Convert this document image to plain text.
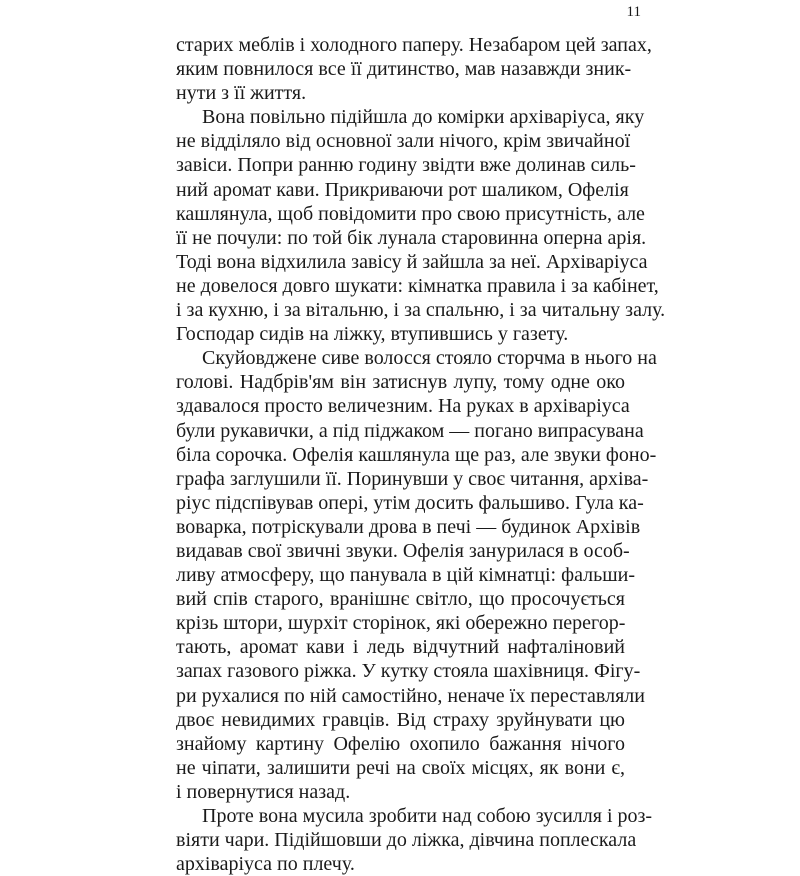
11
старих меблів і холодного паперу. Незабаром цей запах,
яким повнилося все її дитинство, мав назавжди зник-
нути з її життя.
Вона повільно підійшла до комірки архіваріуса, яку
не відділяло від основної зали нічого, крім звичайної
завіси. Попри ранню годину звідти вже долинав силь-
ний аромат кави. Прикриваючи рот шаликом, Офелія
кашлянула, щоб повідомити про свою присутність, але
її не почули: по той бік лунала старовинна оперна арія.
Тоді вона відхилила завісу й зайшла за неї. Архіваріуса
не довелося довго шукати: кімнатка правила і за кабінет,
і за кухню, і за вітальню, і за спальню, і за читальну залу.
Господар сидів на ліжку, втупившись у газету.
Скуйовджене сиве волосся стояло сторчма в нього на
голові. Надбрів'ям він затиснув лупу, тому одне око
здавалося просто величезним. На руках в архіваріуса
були рукавички, а під піджаком — погано випрасувана
біла сорочка. Офелія кашлянула ще раз, але звуки фоно-
графа заглушили її. Поринувши у своє читання, архіва-
ріус підспівував опері, утім досить фальшиво. Гула ка-
воварка, потріскували дрова в печі — будинок Архівів
видавав свої звичні звуки. Офелія занурилася в особ-
ливу атмосферу, що панувала в цій кімнатці: фальши-
вий спів старого, вранішнє світло, що просочується
крізь штори, шурхіт сторінок, які обережно перегор-
тають, аромат кави і ледь відчутний нафталіновий
запах газового ріжка. У кутку стояла шахівниця. Фігу-
ри рухалися по ній самостійно, неначе їх переставляли
двоє невидимих гравців. Від страху зруйнувати цю
знайому картину Офелію охопило бажання нічого
не чіпати, залишити речі на своїх місцях, як вони є,
і повернутися назад.
Проте вона мусила зробити над собою зусилля і роз-
віяти чари. Підійшовши до ліжка, дівчина поплескала
архіваріуса по плечу.
